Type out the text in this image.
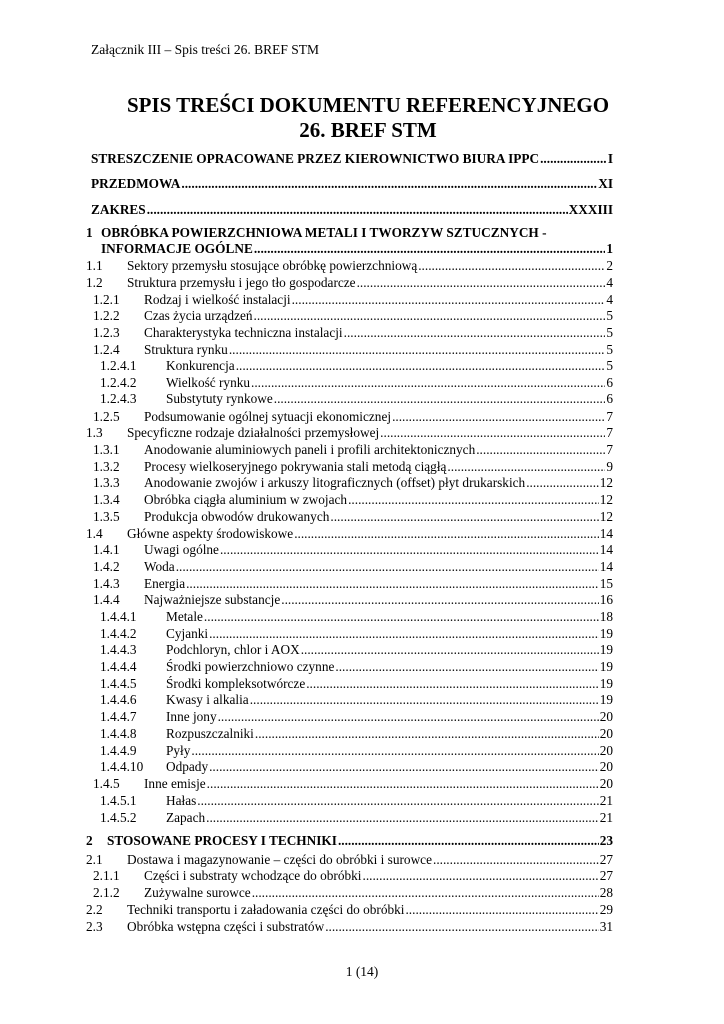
Załącznik III – Spis treści 26. BREF STM
SPIS TREŚCI DOKUMENTU REFERENCYJNEGO
26. BREF STM
STRESZCZENIE OPRACOWANE PRZEZ KIEROWNICTWO BIURA IPPC .....	I
PRZEDMOWA .....	XI
ZAKRES .....	XXXIII
1 OBRÓBKA POWIERZCHNIOWA METALI I TWORZYW SZTUCZNYCH -
INFORMACJE OGÓLNE .....	1
1.1	Sektory przemysłu stosujące obróbkę powierzchniową .....	2
1.2	Struktura przemysłu i jego tło gospodarcze .....	4
1.2.1	Rodzaj i wielkość instalacji .....	4
1.2.2	Czas życia urządzeń .....	5
1.2.3	Charakterystyka techniczna instalacji .....	5
1.2.4	Struktura rynku .....	5
1.2.4.1	Konkurencja .....	5
1.2.4.2	Wielkość rynku .....	6
1.2.4.3	Substytuty rynkowe .....	6
1.2.5	Podsumowanie ogólnej sytuacji ekonomicznej .....	7
1.3	Specyficzne rodzaje działalności przemysłowej .....	7
1.3.1	Anodowanie aluminiowych paneli i profili architektonicznych .....	7
1.3.2	Procesy wielkoseryjnego pokrywania stali metodą ciągłą .....	9
1.3.3	Anodowanie zwojów i arkuszy litograficznych (offset) płyt drukarskich .....	12
1.3.4	Obróbka ciągła aluminium w zwojach .....	12
1.3.5	Produkcja obwodów drukowanych .....	12
1.4	Główne aspekty środowiskowe .....	14
1.4.1	Uwagi ogólne .....	14
1.4.2	Woda .....	14
1.4.3	Energia .....	15
1.4.4	Najważniejsze substancje .....	16
1.4.4.1	Metale .....	18
1.4.4.2	Cyjanki .....	19
1.4.4.3	Podchloryn, chlor i AOX .....	19
1.4.4.4	Środki powierzchniowo czynne .....	19
1.4.4.5	Środki kompleksotwórcze .....	19
1.4.4.6	Kwasy i alkalia .....	19
1.4.4.7	Inne jony .....	20
1.4.4.8	Rozpuszczalniki .....	20
1.4.4.9	Pyły .....	20
1.4.4.10	Odpady .....	20
1.4.5	Inne emisje .....	20
1.4.5.1	Hałas .....	21
1.4.5.2	Zapach .....	21
2	STOSOWANE PROCESY I TECHNIKI .....	23
2.1	Dostawa i magazynowanie – części do obróbki i surowce .....	27
2.1.1	Części i substraty wchodzące do obróbki .....	27
2.1.2	Zużywalne surowce .....	28
2.2	Techniki transportu i załadowania części do obróbki .....	29
2.3	Obróbka wstępna części i substratów .....	31
1 (14)
